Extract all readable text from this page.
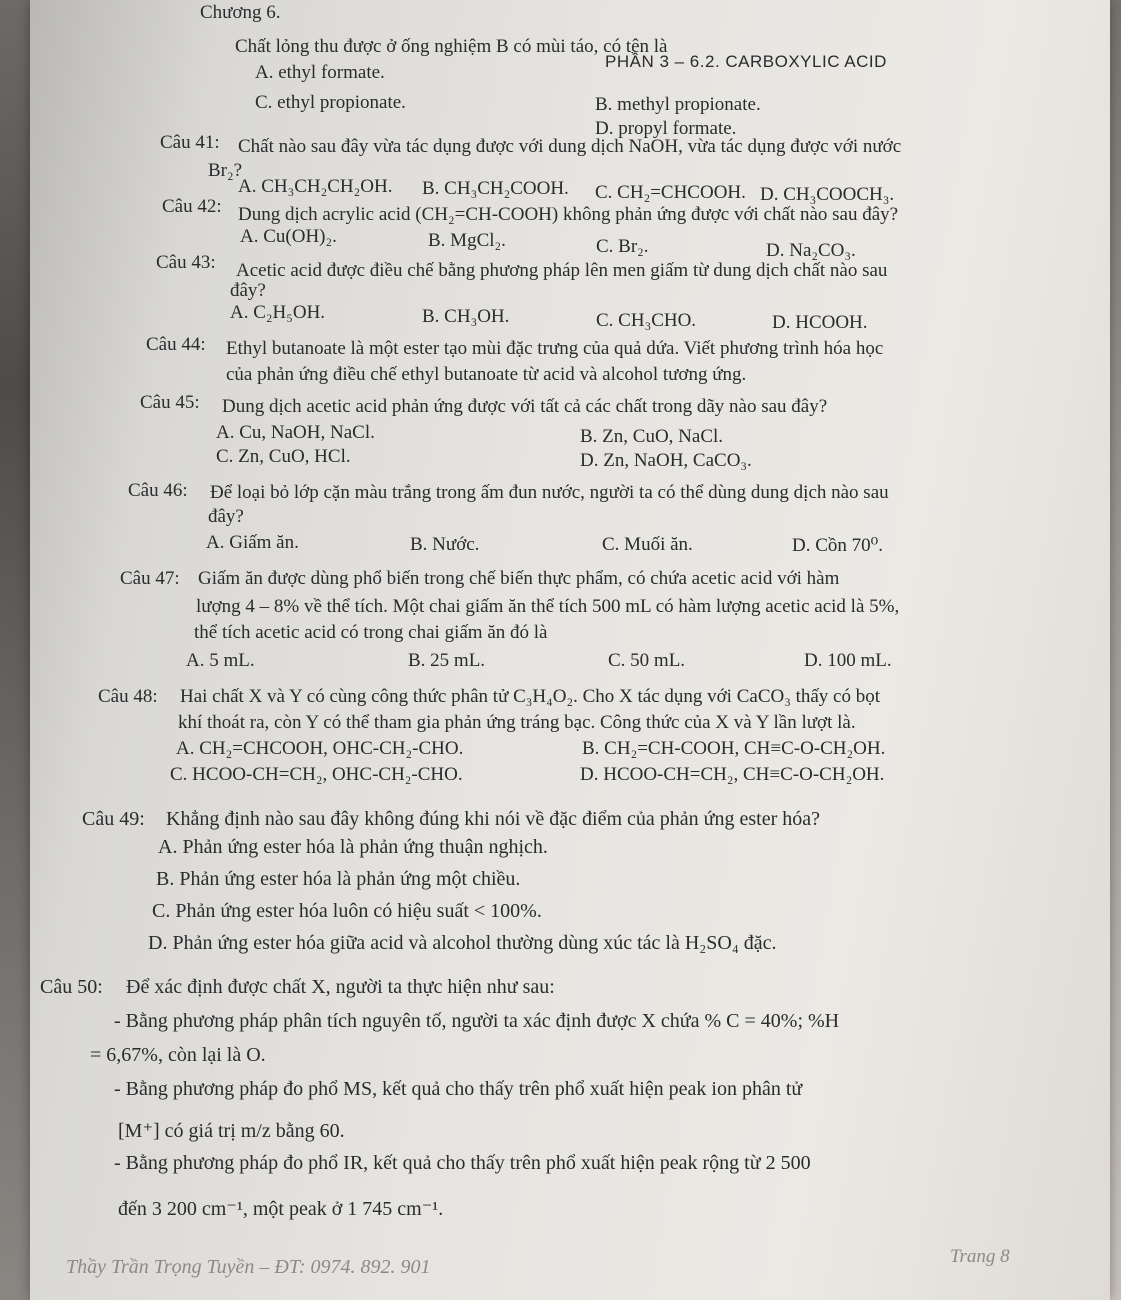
Chương 6.
PHẦN 3 – 6.2. CARBOXYLIC ACID
Chất lỏng thu được ở ống nghiệm B có mùi táo, có tên là
A. ethyl formate.
B. methyl propionate.
C. ethyl propionate.
D. propyl formate.
Câu 41: Chất nào sau đây vừa tác dụng được với dung dịch NaOH, vừa tác dụng được với nước
Br₂?
A. CH₃CH₂CH₂OH. B. CH₃CH₂COOH. C. CH₂=CHCOOH. D. CH₃COOCH₃.
Câu 42: Dung dịch acrylic acid (CH₂=CH-COOH) không phản ứng được với chất nào sau đây?
A. Cu(OH)₂.	B. MgCl₂.	C. Br₂.	D. Na₂CO₃.
Câu 43: Acetic acid được điều chế bằng phương pháp lên men giấm từ dung dịch chất nào sau
đây?
A. C₂H₅OH.	B. CH₃OH.	C. CH₃CHO.	D. HCOOH.
Câu 44: Ethyl butanoate là một ester tạo mùi đặc trưng của quả dứa. Viết phương trình hóa học
của phản ứng điều chế ethyl butanoate từ acid và alcohol tương ứng.
Câu 45: Dung dịch acetic acid phản ứng được với tất cả các chất trong dãy nào sau đây?
A. Cu, NaOH, NaCl.	B. Zn, CuO, NaCl.
C. Zn, CuO, HCl.	D. Zn, NaOH, CaCO₃.
Câu 46: Để loại bỏ lớp cặn màu trắng trong ấm đun nước, người ta có thể dùng dung dịch nào sau
đây?
A. Giấm ăn.	B. Nước.	C. Muối ăn.	D. Cồn 70⁰.
Câu 47: Giấm ăn được dùng phổ biến trong chế biến thực phẩm, có chứa acetic acid với hàm
lượng 4 – 8% về thể tích. Một chai giấm ăn thể tích 500 mL có hàm lượng acetic acid là 5%,
thể tích acetic acid có trong chai giấm ăn đó là
A. 5 mL.	B. 25 mL.	C. 50 mL.	D. 100 mL.
Câu 48: Hai chất X và Y có cùng công thức phân tử C₃H₄O₂. Cho X tác dụng với CaCO₃ thấy có bọt
khí thoát ra, còn Y có thể tham gia phản ứng tráng bạc. Công thức của X và Y lần lượt là.
A. CH₂=CHCOOH, OHC-CH₂-CHO.	B. CH₂=CH-COOH, CH≡C-O-CH₂OH.
C. HCOO-CH=CH₂, OHC-CH₂-CHO.	D. HCOO-CH=CH₂, CH≡C-O-CH₂OH.
Câu 49: Khẳng định nào sau đây không đúng khi nói về đặc điểm của phản ứng ester hóa?
A. Phản ứng ester hóa là phản ứng thuận nghịch.
B. Phản ứng ester hóa là phản ứng một chiều.
C. Phản ứng ester hóa luôn có hiệu suất < 100%.
D. Phản ứng ester hóa giữa acid và alcohol thường dùng xúc tác là H₂SO₄ đặc.
Câu 50: Để xác định được chất X, người ta thực hiện như sau:
- Bằng phương pháp phân tích nguyên tố, người ta xác định được X chứa % C = 40%; %H
= 6,67%, còn lại là O.
- Bằng phương pháp đo phổ MS, kết quả cho thấy trên phổ xuất hiện peak ion phân tử
[M⁺] có giá trị m/z bằng 60.
- Bằng phương pháp đo phổ IR, kết quả cho thấy trên phổ xuất hiện peak rộng từ 2 500
đến 3 200 cm⁻¹, một peak ở 1 745 cm⁻¹.
Thầy Trần Trọng Tuyền – ĐT: 0974. 892. 901	Trang 8
